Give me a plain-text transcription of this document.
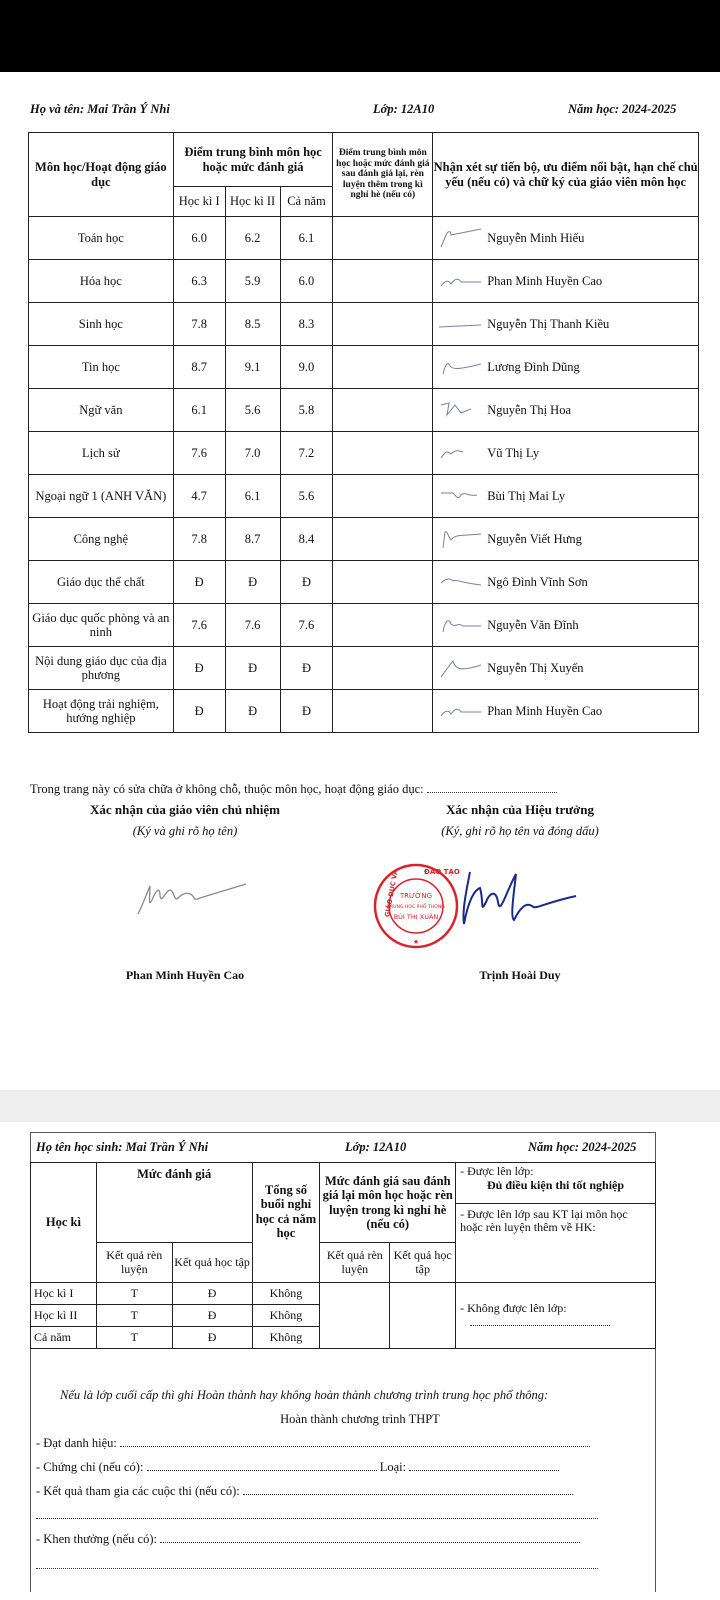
Họ và tên: Mai Trần Ý Nhi	Lớp: 12A10	Năm học: 2024-2025
Môn học/Hoạt động giáo dục	Điểm trung bình môn học hoặc mức đánh giá			Điểm trung bình môn học hoặc mức đánh giá sau đánh giá lại, rèn luyện thêm trong kì nghỉ hè (nếu có)	Nhận xét sự tiến bộ, ưu điểm nổi bật, hạn chế chủ yếu (nếu có) và chữ ký của giáo viên môn học
	Học kì I	Học kì II	Cả năm		
Toán học	6.0	6.2	6.1		Nguyễn Minh Hiếu
Hóa học	6.3	5.9	6.0		Phan Minh Huyền Cao
Sinh học	7.8	8.5	8.3		Nguyễn Thị Thanh Kiều
Tin học	8.7	9.1	9.0		Lương Đình Dũng
Ngữ văn	6.1	5.6	5.8		Nguyễn Thị Hoa
Lịch sử	7.6	7.0	7.2		Vũ Thị Ly
Ngoại ngữ 1 (ANH VĂN)	4.7	6.1	5.6		Bùi Thị Mai Ly
Công nghệ	7.8	8.7	8.4		Nguyễn Viết Hưng
Giáo dục thể chất	Đ	Đ	Đ		Ngô Đình Vĩnh Sơn
Giáo dục quốc phòng và an ninh	7.6	7.6	7.6		Nguyễn Văn Đĩnh
Nội dung giáo dục của địa phương	Đ	Đ	Đ		Nguyễn Thị Xuyến
Hoạt động trải nghiệm, hướng nghiệp	Đ	Đ	Đ		Phan Minh Huyền Cao
Trong trang này có sửa chữa ở không chỗ, thuộc môn học, hoạt động giáo dục:
Xác nhận của giáo viên chủ nhiệm
(Ký và ghi rõ họ tên)
Xác nhận của Hiệu trưởng
(Ký, ghi rõ họ tên và đóng dấu)
ĐÀO TẠO
GIÁO DỤC VÀ TRƯỜNG
TRUNG HỌC PHỔ THÔNG
BÙI THỊ XUÂN
★
Phan Minh Huyền Cao	Trịnh Hoài Duy
Họ tên học sinh: Mai Trần Ý Nhi	Lớp: 12A10	Năm học: 2024-2025
Học kì	Mức đánh giá		Tổng số buổi nghỉ học cả năm học	Mức đánh giá sau đánh giá lại môn học hoặc rèn luyện trong kì nghỉ hè (nếu có)		- Được lên lớp:
Đủ điều kiện thi tốt nghiệp
- Được lên lớp sau KT lại môn học hoặc rèn luyện thêm về HK:

	Kết quả rèn luyện	Kết quả học tập		Kết quả rèn luyện	Kết quả học tập	
Học kì I	T	Đ	Không			- Không được lên lớp:

Học kì II	T	Đ	Không			
Cả năm	T	Đ	Không			
Nếu là lớp cuối cấp thì ghi Hoàn thành hay không hoàn thành chương trình trung học phổ thông:
Hoàn thành chương trình THPT
- Đạt danh hiệu:
- Chứng chỉ (nếu có):	Loại:
- Kết quả tham gia các cuộc thi (nếu có):
- Khen thưởng (nếu có):
